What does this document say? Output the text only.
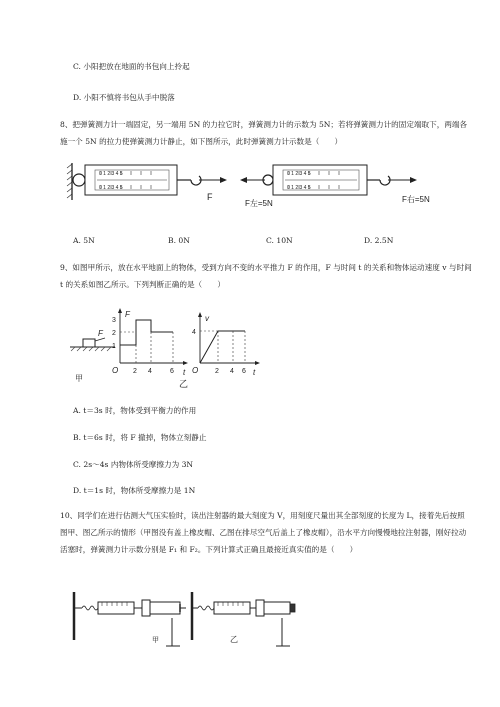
C. 小阳把放在地面的书包向上拎起
D. 小阳不慎将书包从手中脱落
8、把弹簧测力计一端固定，另一端用 5N 的力拉它时，弹簧测力计的示数为 5N；若将弹簧测力计的固定端取下，两端各施一个 5N 的拉力使弹簧测力计静止，如下图所示，此时弹簧测力计示数是（　　）
0 1 2 3 4 5
0 1 2 3 4 5
F
0 1 2 3 4 5
0 1 2 3 4 5
F左=5N	F右=5N
A. 5N	B. 0N	C. 10N	D. 2.5N
9、如图甲所示，放在水平地面上的物体，受到方向不变的水平推力 F 的作用，F 与时间 t 的关系和物体运动速度 v 与时间 t 的关系如图乙所示。下列判断正确的是（　　）
F
甲
F
t
O
1
2
3
2 4	6
v
t
O
4
2 4 6
乙
A. t＝3s 时，物体受到平衡力的作用
B. t＝6s 时，将 F 撤掉，物体立刻静止
C. 2s～4s 内物体所受摩擦力为 3N
D. t＝1s 时，物体所受摩擦力是 1N
10、同学们在进行估测大气压实验时，读出注射器的最大刻度为 V，用刻度尺量出其全部刻度的长度为 L，接着先后按照图甲、图乙所示的情形（甲图没有盖上橡皮帽、乙图在排尽空气后盖上了橡皮帽），沿水平方向慢慢地拉注射器，刚好拉动活塞时，弹簧测力计示数分别是 F₁ 和 F₂。下列计算式正确且最接近真实值的是（　　）
甲	乙
